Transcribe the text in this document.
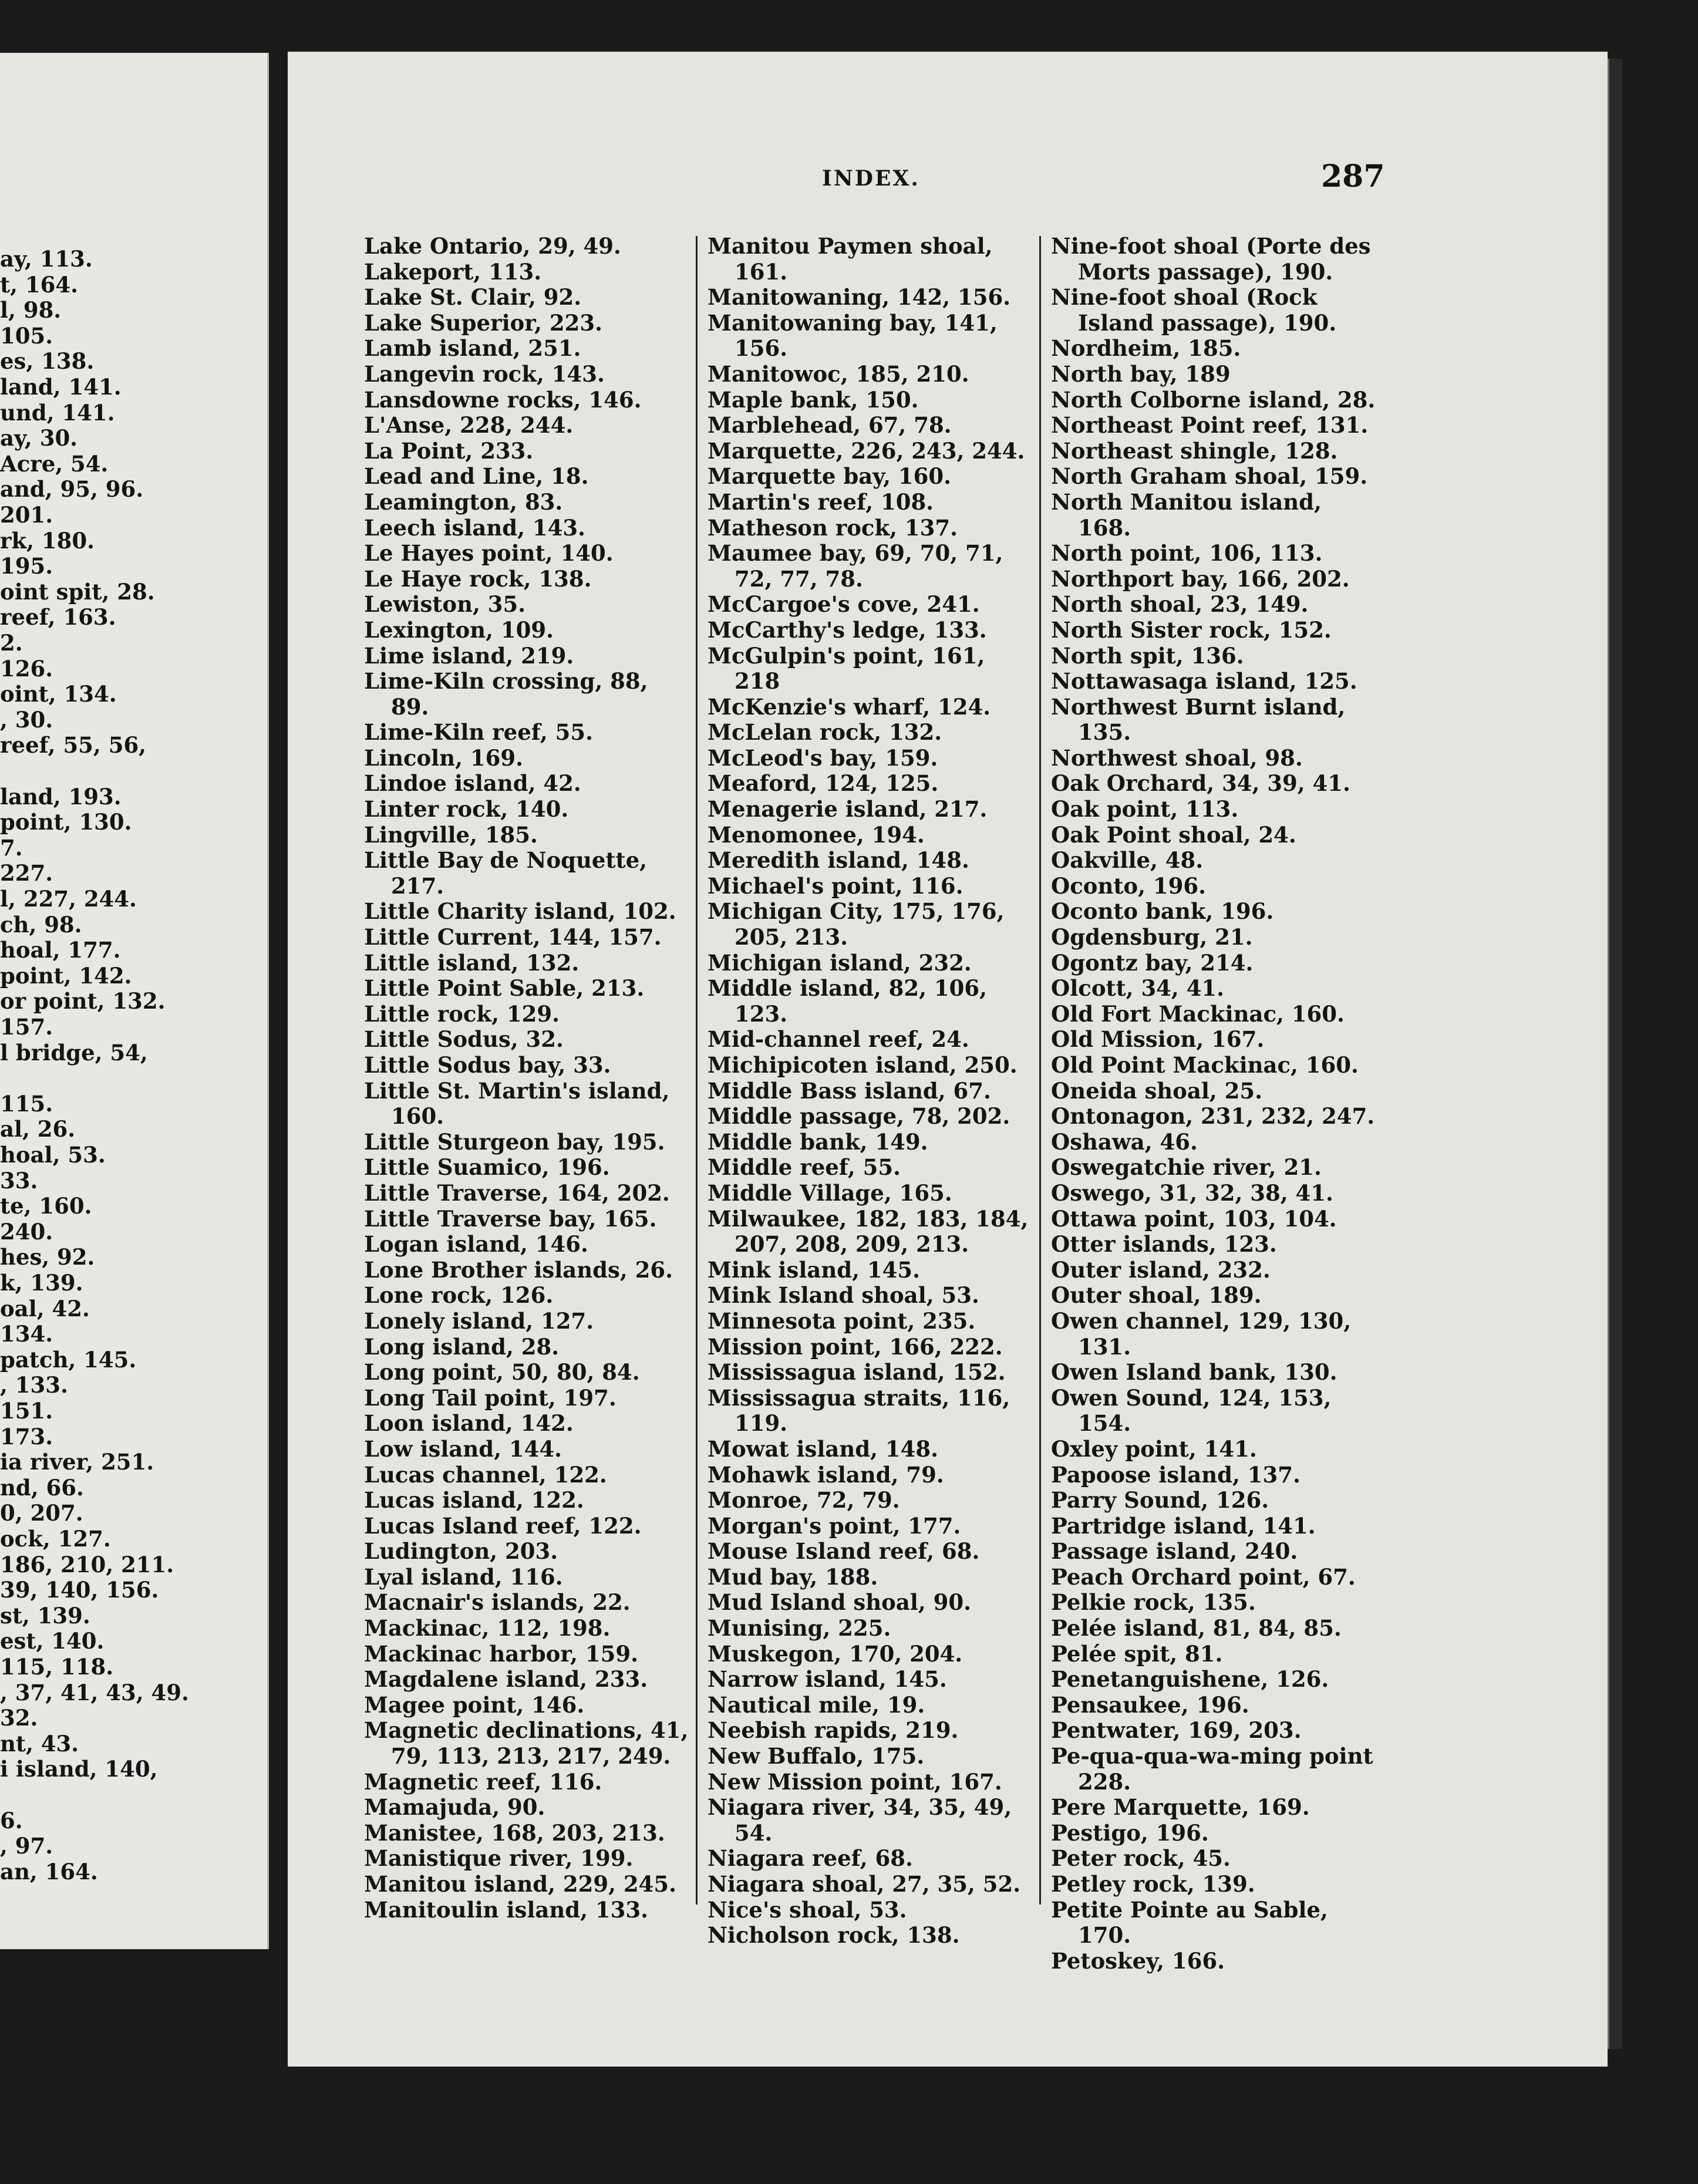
ay, 113.
t, 164.
l, 98.
105.
es, 138.
land, 141.
und, 141.
ay, 30.
Acre, 54.
and, 95, 96.
201.
rk, 180.
195.
oint spit, 28.
reef, 163.
2.
126.
oint, 134.
, 30.
reef, 55, 56,
land, 193.
point, 130.
7.
227.
l, 227, 244.
ch, 98.
hoal, 177.
point, 142.
or point, 132.
157.
l bridge, 54,
115.
al, 26.
hoal, 53.
33.
te, 160.
240.
hes, 92.
k, 139.
oal, 42.
134.
patch, 145.
, 133.
151.
173.
ia river, 251.
nd, 66.
0, 207.
ock, 127.
186, 210, 211.
39, 140, 156.
st, 139.
est, 140.
115, 118.
, 37, 41, 43, 49.
32.
nt, 43.
i island, 140,
6.
, 97.
an, 164.
INDEX.	287

Lake Ontario, 29, 49.

Lakeport, 113.

Lake St. Clair, 92.

Lake Superior, 223.

Lamb island, 251.

Langevin rock, 143.

Lansdowne rocks, 146.

L'Anse, 228, 244.

La Point, 233.

Lead and Line, 18.

Leamington, 83.

Leech island, 143.

Le Hayes point, 140.

Le Haye rock, 138.

Lewiston, 35.

Lexington, 109.

Lime island, 219.

Lime-Kiln crossing, 88, 89.

Lime-Kiln reef, 55.

Lincoln, 169.

Lindoe island, 42.

Linter rock, 140.

Lingville, 185.

Little Bay de Noquette, 217.

Little Charity island, 102.

Little Current, 144, 157.

Little island, 132.

Little Point Sable, 213.

Little rock, 129.

Little Sodus, 32.

Little Sodus bay, 33.

Little St. Martin's island, 160.

Little Sturgeon bay, 195.

Little Suamico, 196.

Little Traverse, 164, 202.

Little Traverse bay, 165.

Logan island, 146.

Lone Brother islands, 26.

Lone rock, 126.

Lonely island, 127.

Long island, 28.

Long point, 50, 80, 84.

Long Tail point, 197.

Loon island, 142.

Low island, 144.

Lucas channel, 122.

Lucas island, 122.

Lucas Island reef, 122.

Ludington, 203.

Lyal island, 116.

Macnair's islands, 22.

Mackinac, 112, 198.

Mackinac harbor, 159.

Magdalene island, 233.

Magee point, 146.

Magnetic declinations, 41, 79, 113, 213, 217, 249.

Magnetic reef, 116.

Mamajuda, 90.

Manistee, 168, 203, 213.

Manistique river, 199.

Manitou island, 229, 245.

Manitoulin island, 133.

Manitou Paymen shoal, 161.

Manitowaning, 142, 156.

Manitowaning bay, 141, 156.

Manitowoc, 185, 210.

Maple bank, 150.

Marblehead, 67, 78.

Marquette, 226, 243, 244.

Marquette bay, 160.

Martin's reef, 108.

Matheson rock, 137.

Maumee bay, 69, 70, 71, 72, 77, 78.

McCargoe's cove, 241.

McCarthy's ledge, 133.

McGulpin's point, 161, 218

McKenzie's wharf, 124.

McLelan rock, 132.

McLeod's bay, 159.

Meaford, 124, 125.

Menagerie island, 217.

Menomonee, 194.

Meredith island, 148.

Michael's point, 116.

Michigan City, 175, 176, 205, 213.

Michigan island, 232.

Middle island, 82, 106, 123.

Mid-channel reef, 24.

Michipicoten island, 250.

Middle Bass island, 67.

Middle passage, 78, 202.

Middle bank, 149.

Middle reef, 55.

Middle Village, 165.

Milwaukee, 182, 183, 184, 207, 208, 209, 213.

Mink island, 145.

Mink Island shoal, 53.

Minnesota point, 235.

Mission point, 166, 222.

Mississagua island, 152.

Mississagua straits, 116, 119.

Mowat island, 148.

Mohawk island, 79.

Monroe, 72, 79.

Morgan's point, 177.

Mouse Island reef, 68.

Mud bay, 188.

Mud Island shoal, 90.

Munising, 225.

Muskegon, 170, 204.

Narrow island, 145.

Nautical mile, 19.

Neebish rapids, 219.

New Buffalo, 175.

New Mission point, 167.

Niagara river, 34, 35, 49, 54.

Niagara reef, 68.

Niagara shoal, 27, 35, 52.

Nice's shoal, 53.

Nicholson rock, 138.

Nine-foot shoal (Porte des Morts passage), 190.

Nine-foot shoal (Rock Island passage), 190.

Nordheim, 185.

North bay, 189

North Colborne island, 28.

Northeast Point reef, 131.

Northeast shingle, 128.

North Graham shoal, 159.

North Manitou island, 168.

North point, 106, 113.

Northport bay, 166, 202.

North shoal, 23, 149.

North Sister rock, 152.

North spit, 136.

Nottawasaga island, 125.

Northwest Burnt island, 135.

Northwest shoal, 98.

Oak Orchard, 34, 39, 41.

Oak point, 113.

Oak Point shoal, 24.

Oakville, 48.

Oconto, 196.

Oconto bank, 196.

Ogdensburg, 21.

Ogontz bay, 214.

Olcott, 34, 41.

Old Fort Mackinac, 160.

Old Mission, 167.

Old Point Mackinac, 160.

Oneida shoal, 25.

Ontonagon, 231, 232, 247.

Oshawa, 46.

Oswegatchie river, 21.

Oswego, 31, 32, 38, 41.

Ottawa point, 103, 104.

Otter islands, 123.

Outer island, 232.

Outer shoal, 189.

Owen channel, 129, 130, 131.

Owen Island bank, 130.

Owen Sound, 124, 153, 154.

Oxley point, 141.

Papoose island, 137.

Parry Sound, 126.

Partridge island, 141.

Passage island, 240.

Peach Orchard point, 67.

Pelkie rock, 135.

Pelée island, 81, 84, 85.

Pelée spit, 81.

Penetanguishene, 126.

Pensaukee, 196.

Pentwater, 169, 203.

Pe-qua-qua-wa-ming point 228.

Pere Marquette, 169.

Pestigo, 196.

Peter rock, 45.

Petley rock, 139.

Petite Pointe au Sable, 170.

Petoskey, 166.
